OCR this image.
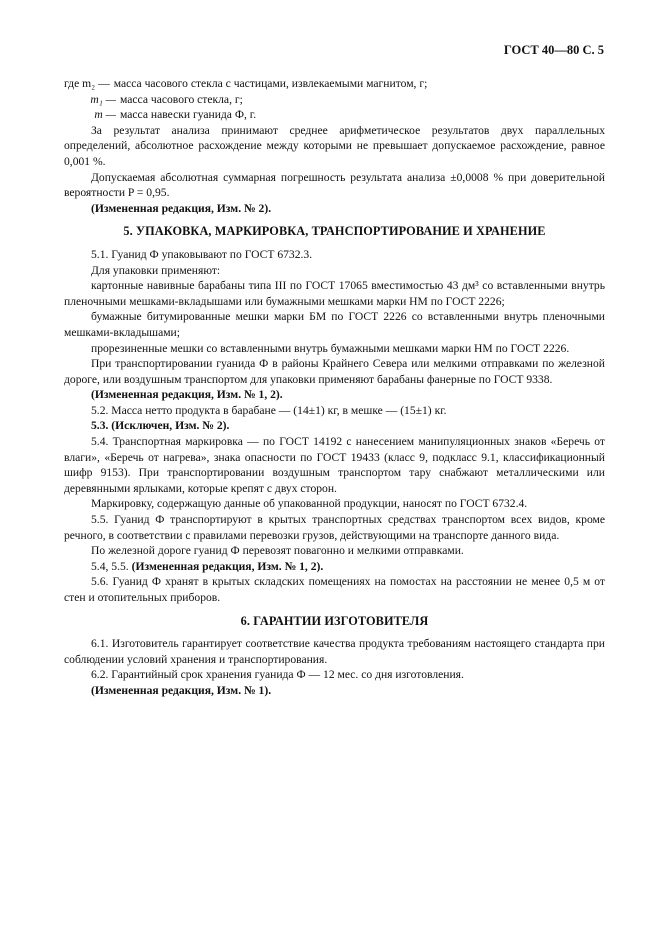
ГОСТ 40—80 С. 5
где m₂ — масса часового стекла с частицами, извлекаемыми магнитом, г;
m₁ — масса часового стекла, г;
m — масса навески гуанида Ф, г.

За результат анализа принимают среднее арифметическое результатов двух параллельных определений, абсолютное расхождение между которыми не превышает допускаемое расхождение, равное 0,001 %.

Допускаемая абсолютная суммарная погрешность результата анализа ±0,0008 % при доверительной вероятности P = 0,95.

(Измененная редакция, Изм. № 2).

5. УПАКОВКА, МАРКИРОВКА, ТРАНСПОРТИРОВАНИЕ И ХРАНЕНИЕ

5.1. Гуанид Ф упаковывают по ГОСТ 6732.3.

Для упаковки применяют:

картонные навивные барабаны типа III по ГОСТ 17065 вместимостью 43 дм³ со вставленными внутрь пленочными мешками-вкладышами или бумажными мешками марки НМ по ГОСТ 2226;

бумажные битумированные мешки марки БМ по ГОСТ 2226 со вставленными внутрь пленочными мешками-вкладышами;

прорезиненные мешки со вставленными внутрь бумажными мешками марки НМ по ГОСТ 2226.

При транспортировании гуанида Ф в районы Крайнего Севера или мелкими отправками по железной дороге, или воздушным транспортом для упаковки применяют барабаны фанерные по ГОСТ 9338.

(Измененная редакция, Изм. № 1, 2).

5.2. Масса нетто продукта в барабане — (14±1) кг, в мешке — (15±1) кг.

5.3. (Исключен, Изм. № 2).

5.4. Транспортная маркировка — по ГОСТ 14192 с нанесением манипуляционных знаков «Беречь от влаги», «Беречь от нагрева», знака опасности по ГОСТ 19433 (класс 9, подкласс 9.1, классификационный шифр 9153). При транспортировании воздушным транспортом тару снабжают металлическими или деревянными ярлыками, которые крепят с двух сторон.

Маркировку, содержащую данные об упакованной продукции, наносят по ГОСТ 6732.4.

5.5. Гуанид Ф транспортируют в крытых транспортных средствах транспортом всех видов, кроме речного, в соответствии с правилами перевозки грузов, действующими на транспорте данного вида.

По железной дороге гуанид Ф перевозят повагонно и мелкими отправками.

5.4, 5.5. (Измененная редакция, Изм. № 1, 2).

5.6. Гуанид Ф хранят в крытых складских помещениях на помостах на расстоянии не менее 0,5 м от стен и отопительных приборов.

6. ГАРАНТИИ ИЗГОТОВИТЕЛЯ

6.1. Изготовитель гарантирует соответствие качества продукта требованиям настоящего стандарта при соблюдении условий хранения и транспортирования.

6.2. Гарантийный срок хранения гуанида Ф — 12 мес. со дня изготовления.

(Измененная редакция, Изм. № 1).
